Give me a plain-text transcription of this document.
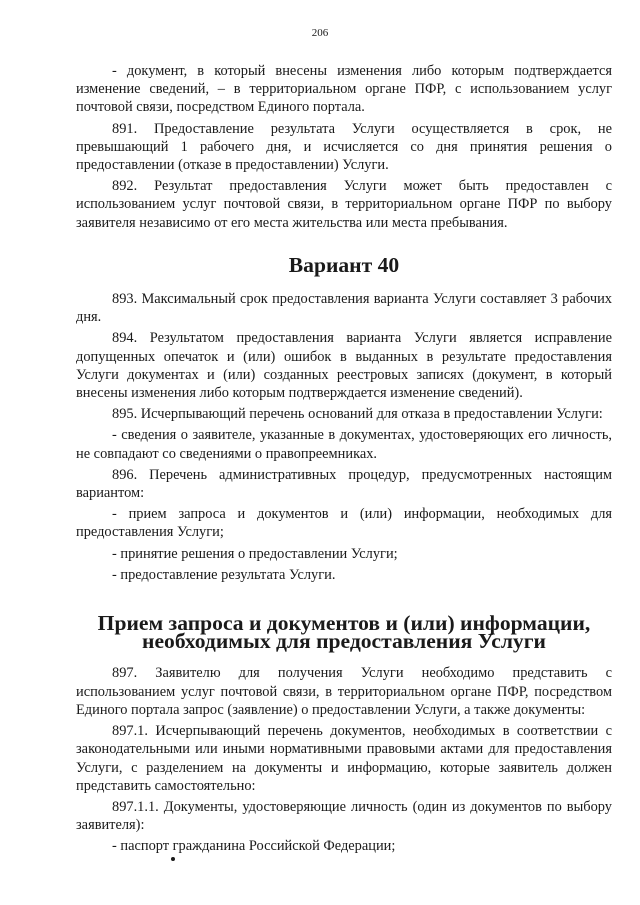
206

- документ, в который внесены изменения либо которым подтверждается изменение сведений, – в территориальном органе ПФР, с использованием услуг почтовой связи, посредством Единого портала.

891. Предоставление результата Услуги осуществляется в срок, не превышающий 1 рабочего дня, и исчисляется со дня принятия решения о предоставлении (отказе в предоставлении) Услуги.

892. Результат предоставления Услуги может быть предоставлен с использованием услуг почтовой связи, в территориальном органе ПФР по выбору заявителя независимо от его места жительства или места пребывания.

Вариант 40

893. Максимальный срок предоставления варианта Услуги составляет 3 рабочих дня.

894. Результатом предоставления варианта Услуги является исправление допущенных опечаток и (или) ошибок в выданных в результате предоставления Услуги документах и (или) созданных реестровых записях (документ, в который внесены изменения либо которым подтверждается изменение сведений).

895. Исчерпывающий перечень оснований для отказа в предоставлении Услуги:

- сведения о заявителе, указанные в документах, удостоверяющих его личность, не совпадают со сведениями о правопреемниках.

896. Перечень административных процедур, предусмотренных настоящим вариантом:

- прием запроса и документов и (или) информации, необходимых для предоставления Услуги;

- принятие решения о предоставлении Услуги;

- предоставление результата Услуги.

Прием запроса и документов и (или) информации, необходимых для предоставления Услуги

897. Заявителю для получения Услуги необходимо представить с использованием услуг почтовой связи, в территориальном органе ПФР, посредством Единого портала запрос (заявление) о предоставлении Услуги, а также документы:

897.1. Исчерпывающий перечень документов, необходимых в соответствии с законодательными или иными нормативными правовыми актами для предоставления Услуги, с разделением на документы и информацию, которые заявитель должен представить самостоятельно:

897.1.1. Документы, удостоверяющие личность (один из документов по выбору заявителя):

- паспорт гражданина Российской Федерации;
